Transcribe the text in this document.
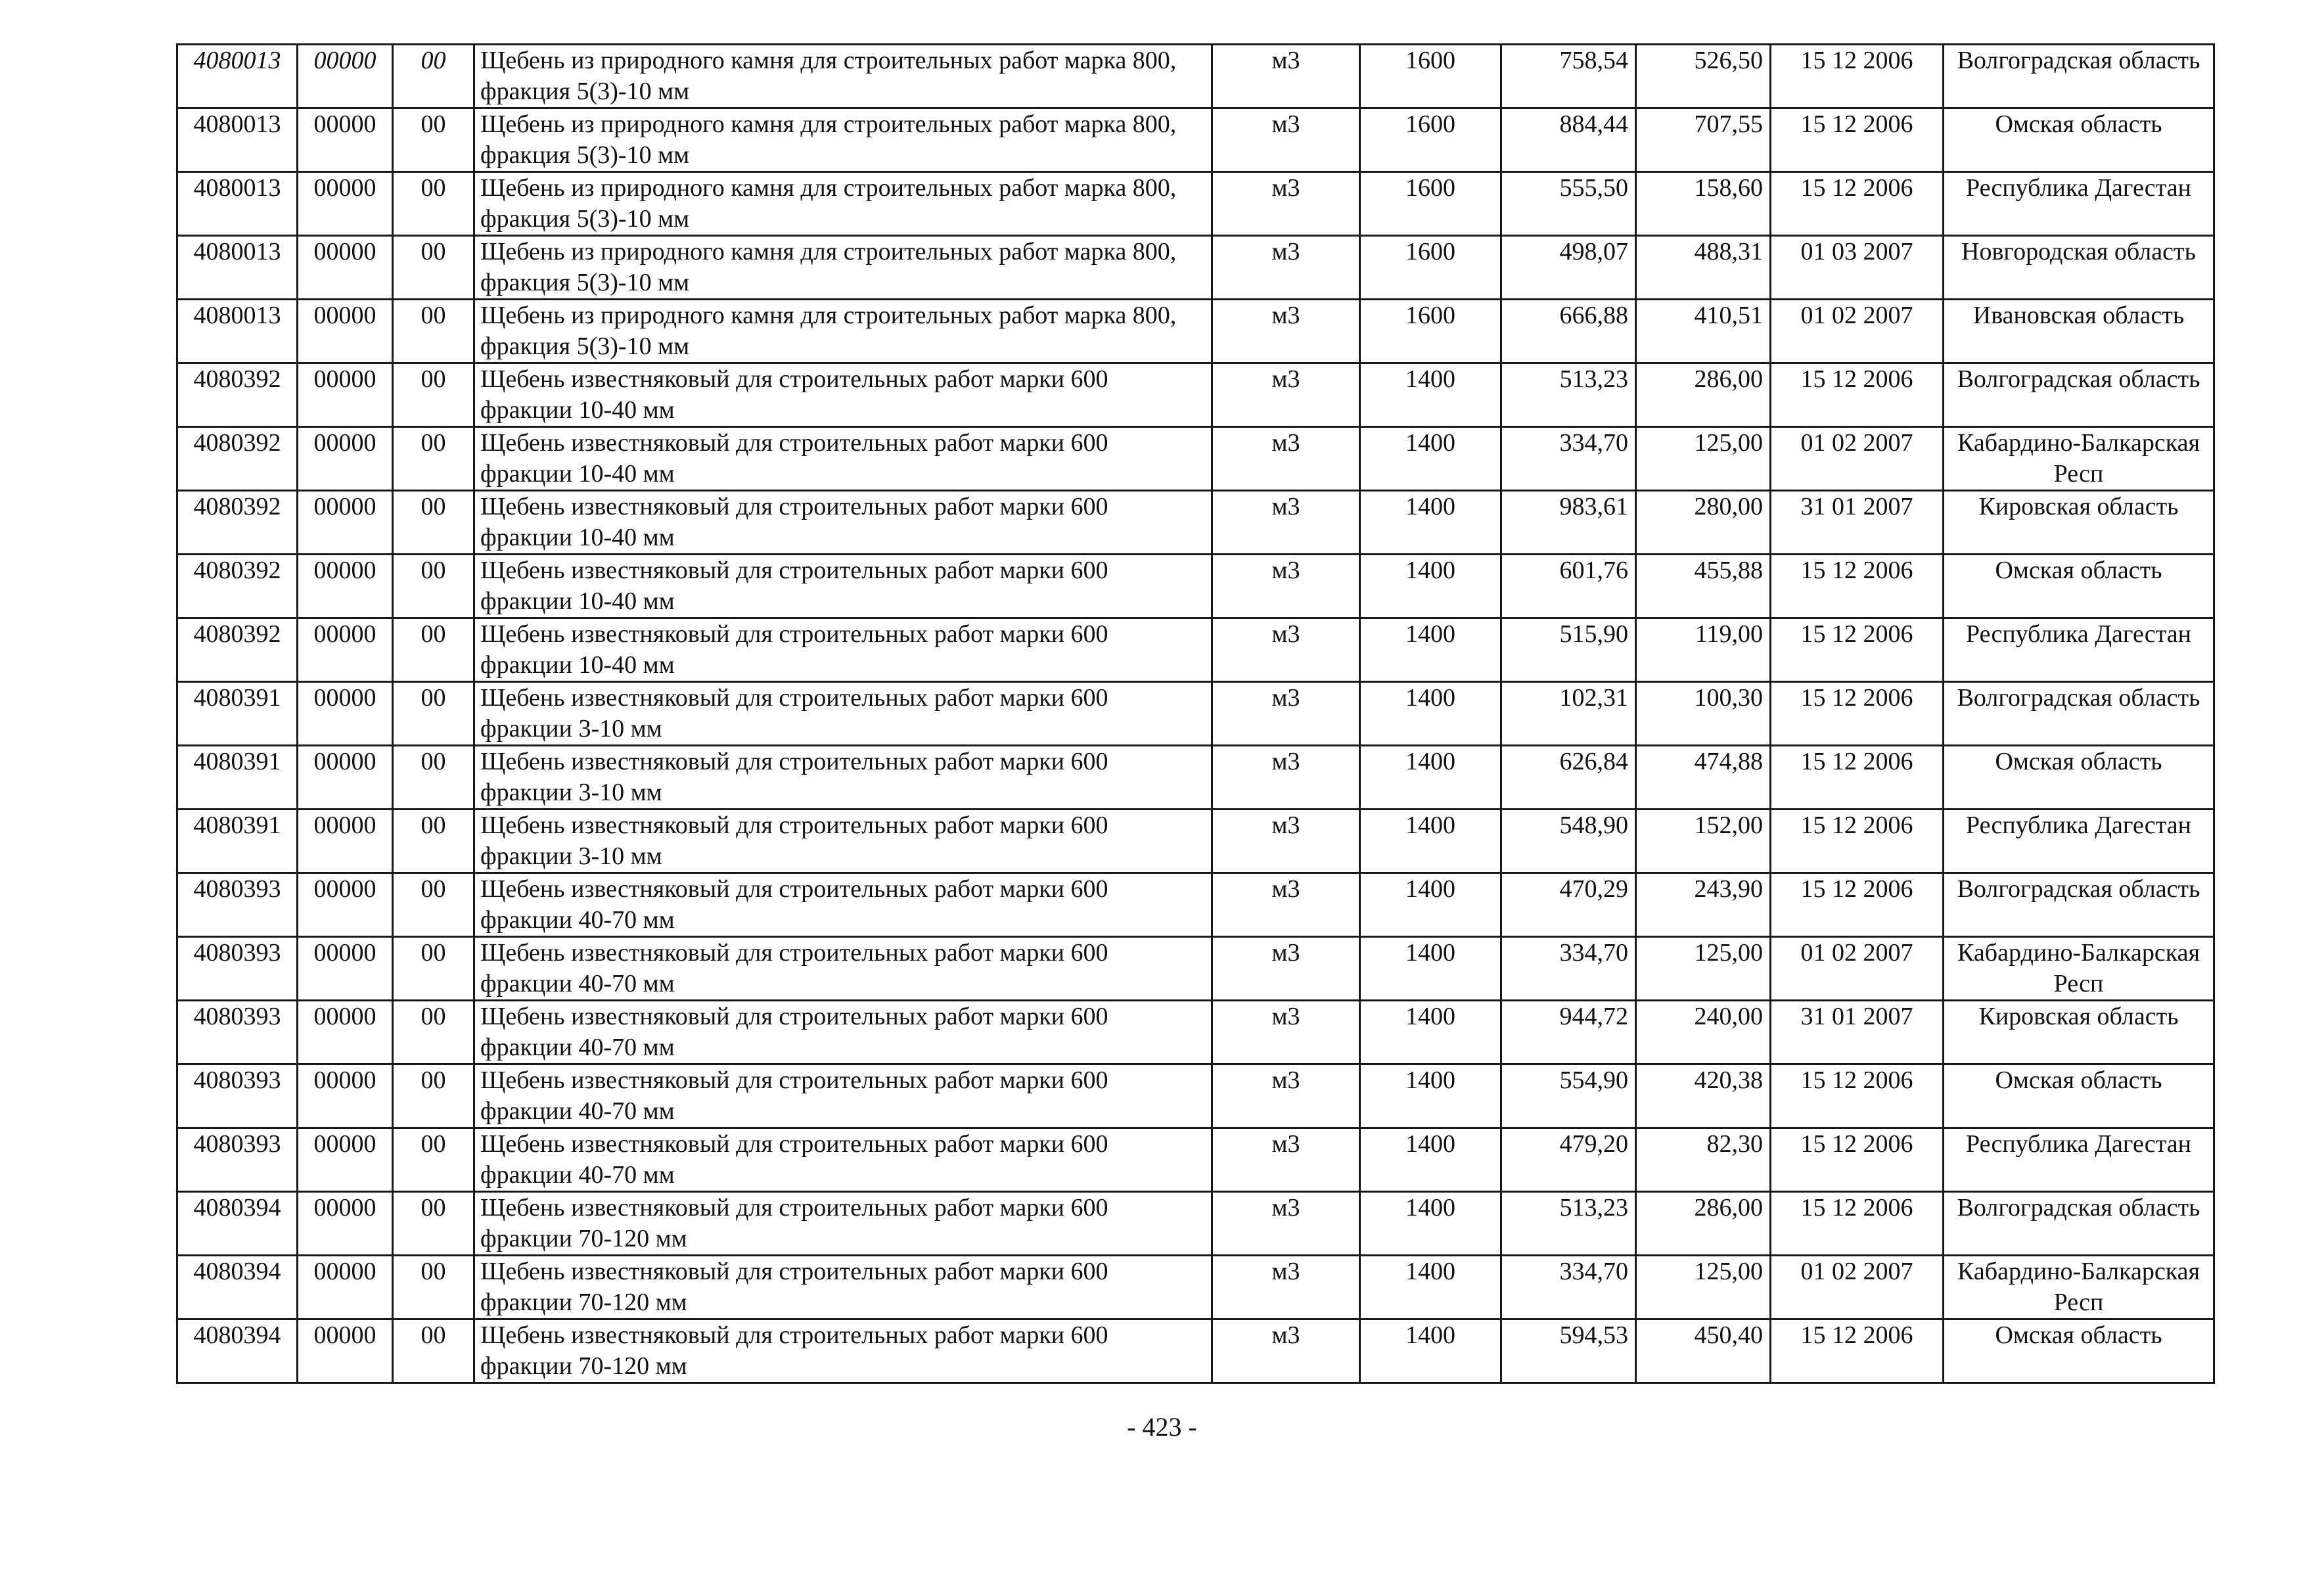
4080013	00000	00	Щебень из природного камня для строительных работ марка 800, фракция 5(3)-10 мм	м3	1600	758,54	526,50	15 12 2006	Волгоградская область
4080013	00000	00	Щебень из природного камня для строительных работ марка 800, фракция 5(3)-10 мм	м3	1600	884,44	707,55	15 12 2006	Омская область
4080013	00000	00	Щебень из природного камня для строительных работ марка 800, фракция 5(3)-10 мм	м3	1600	555,50	158,60	15 12 2006	Республика Дагестан
4080013	00000	00	Щебень из природного камня для строительных работ марка 800, фракция 5(3)-10 мм	м3	1600	498,07	488,31	01 03 2007	Новгородская область
4080013	00000	00	Щебень из природного камня для строительных работ марка 800, фракция 5(3)-10 мм	м3	1600	666,88	410,51	01 02 2007	Ивановская область
4080392	00000	00	Щебень известняковый для строительных работ марки 600 фракции 10-40 мм	м3	1400	513,23	286,00	15 12 2006	Волгоградская область
4080392	00000	00	Щебень известняковый для строительных работ марки 600 фракции 10-40 мм	м3	1400	334,70	125,00	01 02 2007	Кабардино-Балкарская Респ
4080392	00000	00	Щебень известняковый для строительных работ марки 600 фракции 10-40 мм	м3	1400	983,61	280,00	31 01 2007	Кировская область
4080392	00000	00	Щебень известняковый для строительных работ марки 600 фракции 10-40 мм	м3	1400	601,76	455,88	15 12 2006	Омская область
4080392	00000	00	Щебень известняковый для строительных работ марки 600 фракции 10-40 мм	м3	1400	515,90	119,00	15 12 2006	Республика Дагестан
4080391	00000	00	Щебень известняковый для строительных работ марки 600 фракции 3-10 мм	м3	1400	102,31	100,30	15 12 2006	Волгоградская область
4080391	00000	00	Щебень известняковый для строительных работ марки 600 фракции 3-10 мм	м3	1400	626,84	474,88	15 12 2006	Омская область
4080391	00000	00	Щебень известняковый для строительных работ марки 600 фракции 3-10 мм	м3	1400	548,90	152,00	15 12 2006	Республика Дагестан
4080393	00000	00	Щебень известняковый для строительных работ марки 600 фракции 40-70 мм	м3	1400	470,29	243,90	15 12 2006	Волгоградская область
4080393	00000	00	Щебень известняковый для строительных работ марки 600 фракции 40-70 мм	м3	1400	334,70	125,00	01 02 2007	Кабардино-Балкарская Респ
4080393	00000	00	Щебень известняковый для строительных работ марки 600 фракции 40-70 мм	м3	1400	944,72	240,00	31 01 2007	Кировская область
4080393	00000	00	Щебень известняковый для строительных работ марки 600 фракции 40-70 мм	м3	1400	554,90	420,38	15 12 2006	Омская область
4080393	00000	00	Щебень известняковый для строительных работ марки 600 фракции 40-70 мм	м3	1400	479,20	82,30	15 12 2006	Республика Дагестан
4080394	00000	00	Щебень известняковый для строительных работ марки 600 фракции 70-120 мм	м3	1400	513,23	286,00	15 12 2006	Волгоградская область
4080394	00000	00	Щебень известняковый для строительных работ марки 600 фракции 70-120 мм	м3	1400	334,70	125,00	01 02 2007	Кабардино-Балкарская Респ
4080394	00000	00	Щебень известняковый для строительных работ марки 600 фракции 70-120 мм	м3	1400	594,53	450,40	15 12 2006	Омская область
- 423 -
